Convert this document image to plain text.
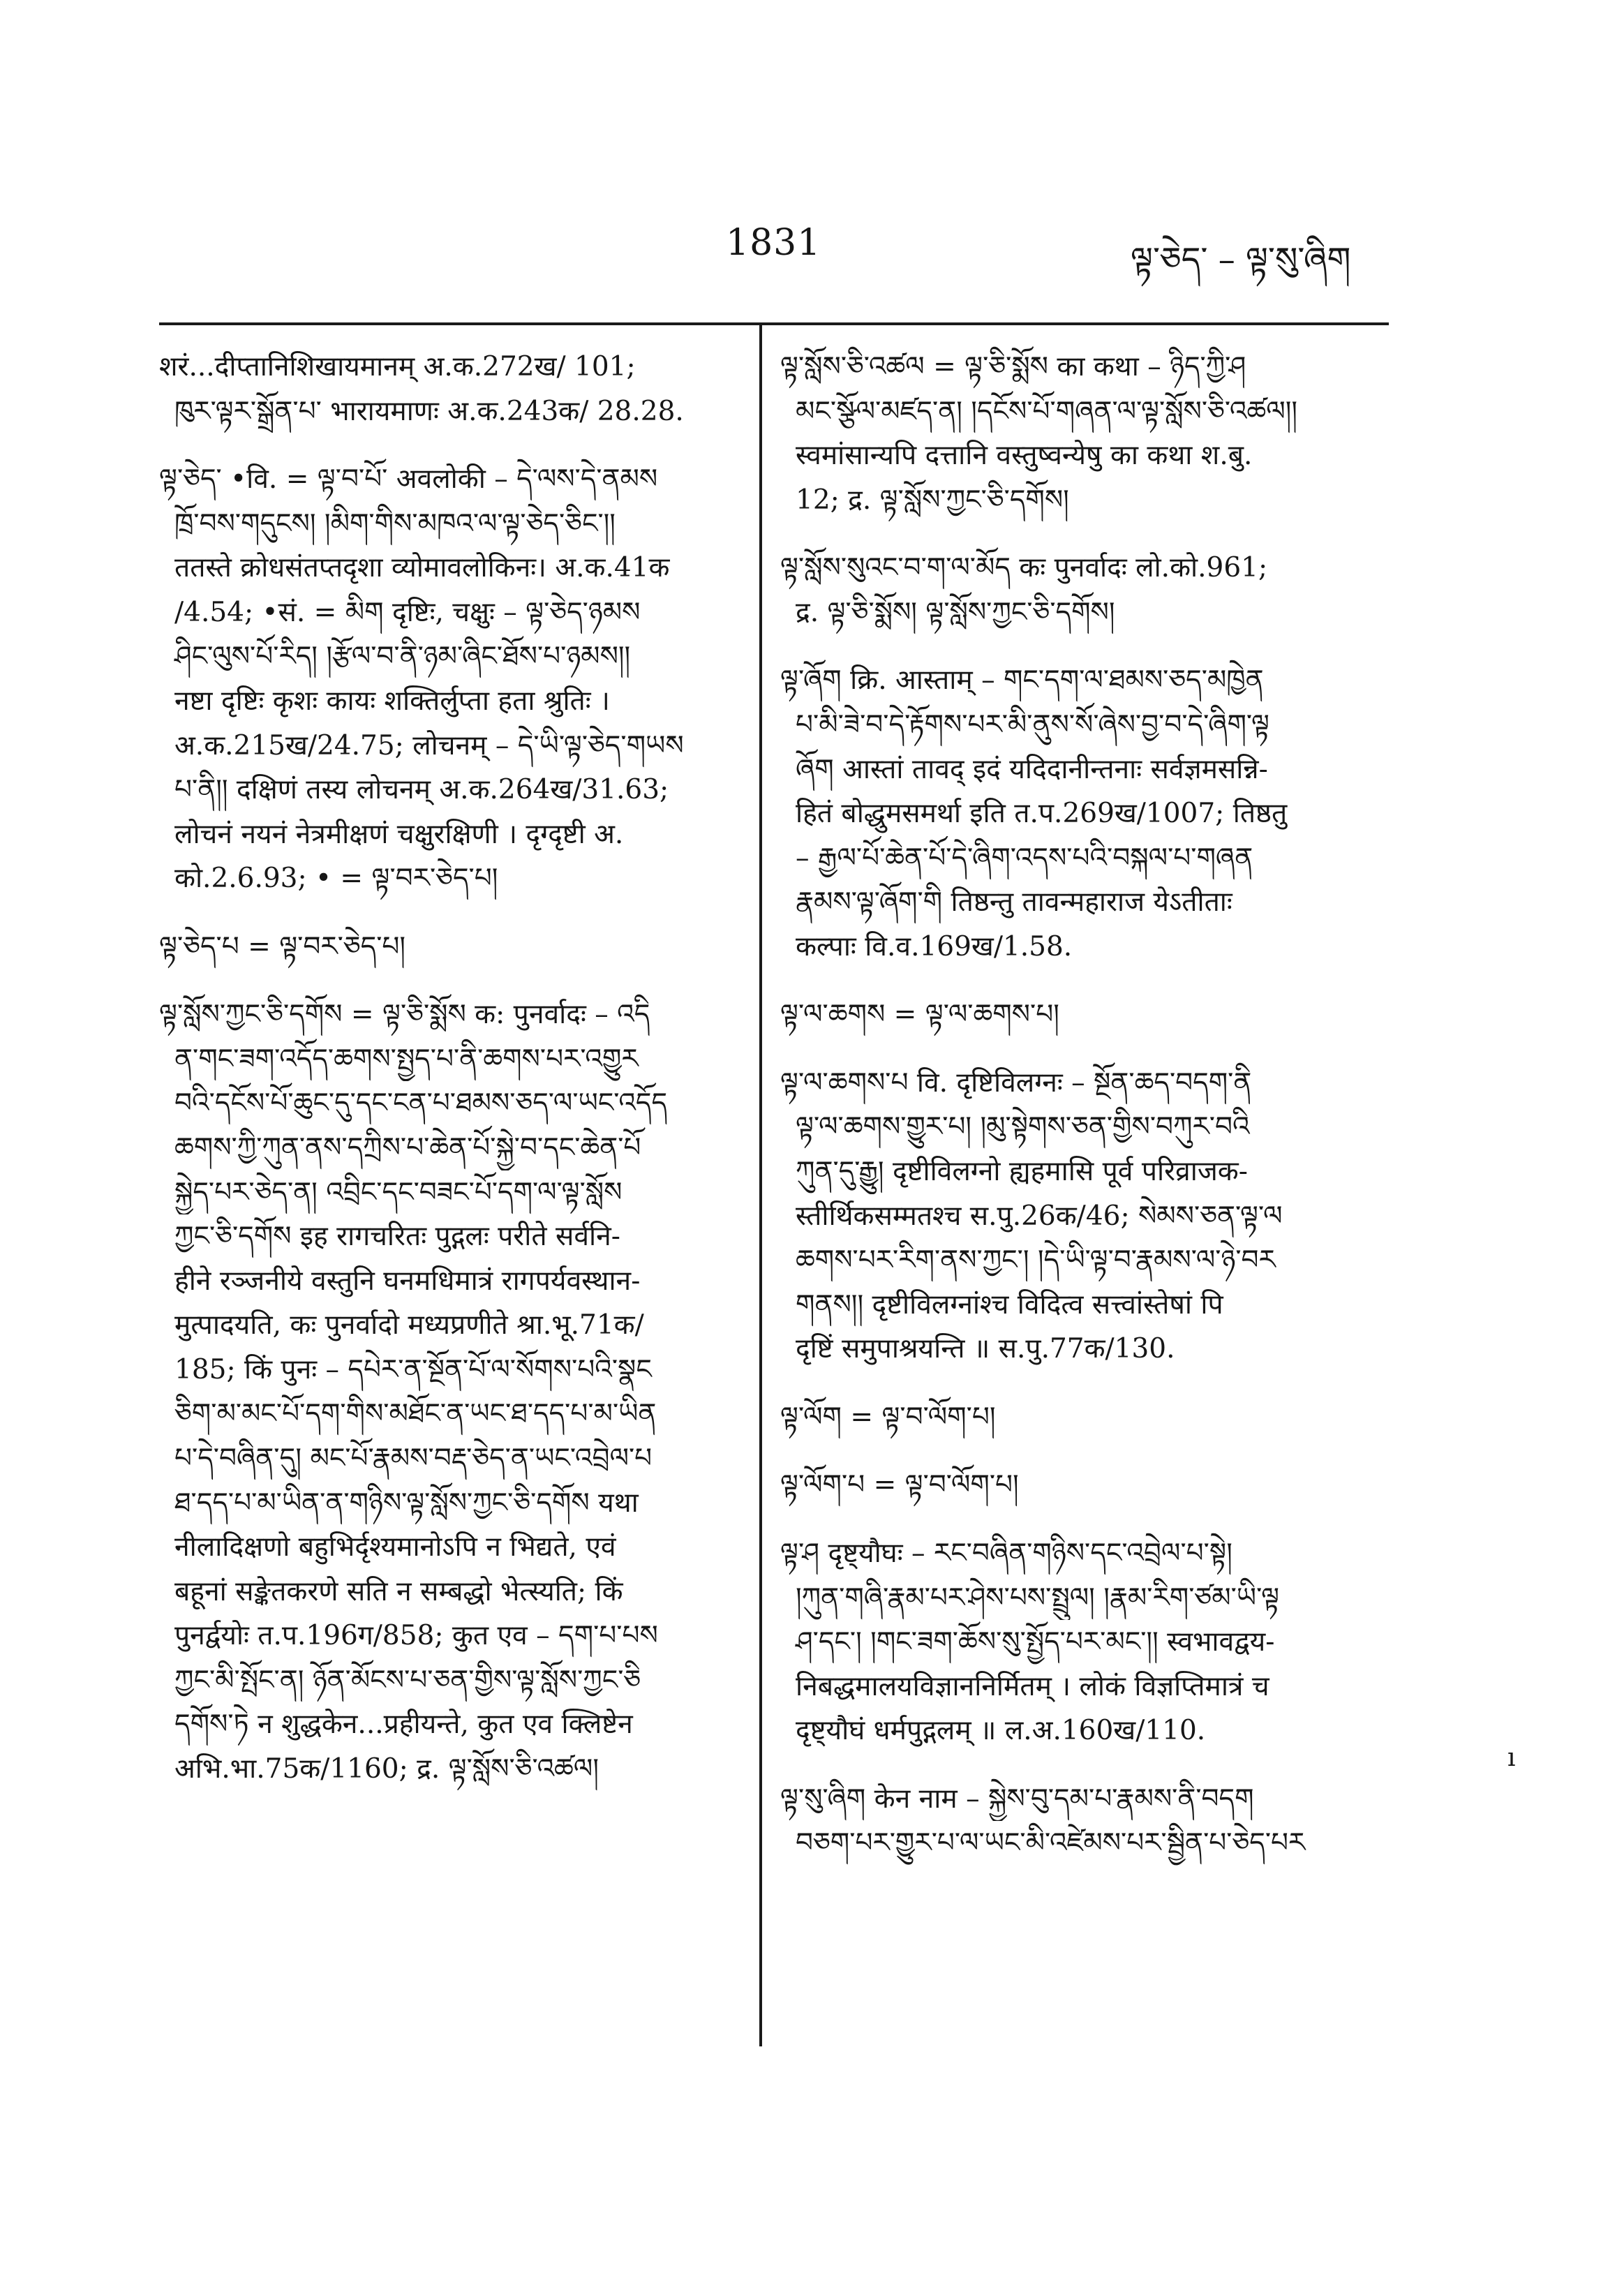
1831	ལྟ་ཅེད་ – ལྟ་སུ་ཞིག
शरं...दीप्तानिशिखायमानम् अ.क.272ख/ 101;
ཁུར་ལྟར་སྒྲོན་པ་ भारायमाणः अ.क.243क/ 28.28.
ལྟ་ཅེད་ •वि. = ལྟ་བ་པོ་ अवलोकी – དེ་ལས་དེ་ནམས
ཁྲོ་བས་གདུངས། །མིག་གིས་མཁའ་ལ་ལྟ་ཅེད་ཅིང་།།
ततस्ते क्रोधसंतप्तदृशा व्योमावलोकिनः। अ.क.41क
/4.54; •सं. = མིག दृष्टिः, चक्षुः – ལྟ་ཅེད་ཉམས
ཤིང་ལུས་པོ་རིད། །རྩོལ་བ་ནི་ཉམ་ཞིང་ཐོས་པ་ཉམས།།
नष्टा दृष्टिः कृशः कायः शक्तिर्लुप्ता हता श्रुतिः ।
अ.क.215ख/24.75; लोचनम् – དེ་ཡི་ལྟ་ཅེད་གཡས
པ་ནི།། दक्षिणं तस्य लोचनम् अ.क.264ख/31.63;
लोचनं नयनं नेत्रमीक्षणं चक्षुरक्षिणी । दृग्दृष्टी अ.
को.2.6.93; • = ལྟ་བར་ཅེད་པ།
ལྟ་ཅེད་པ = ལྟ་བར་ཅེད་པ།
ལྟ་སློས་ཀྱང་ཅི་དགོས = ལྟ་ཅི་སྨོས क: पुनर्वादः – འདི
ན་གང་ཟག་འདོད་ཆགས་སྤྱད་པ་ནི་ཆགས་པར་འགྱུར
བའི་དངོས་པོ་ཆུང་དུ་དང་ངན་པ་ཐམས་ཅད་ལ་ཡང་འདོད
ཆགས་ཀྱི་ཀུན་ནས་དཀྲིས་པ་ཆེན་པོ་སྐྱེ་བ་དང་ཆེན་པོ
སྐྱེད་པར་ཅེད་ན། འབྲིང་དང་བཟང་པོ་དག་ལ་ལྟ་སློས
ཀྱང་ཅི་དགོས इह रागचरितः पुद्गलः परीते सर्वनि-
हीने रञ्जनीये वस्तुनि घनमधिमात्रं रागपर्यवस्थान-
मुत्पादयति, कः पुनर्वादो मध्यप्रणीते श्रा.भू.71क/
185; किं पुनः – དཔེར་ན་སྔོན་པོ་ལ་སོགས་པའི་སྣང
ཅིག་མ་མང་པོ་དག་གིས་མཐོང་ན་ཡང་ཐ་དད་པ་མ་ཡིན
པ་དེ་བཞིན་དུ། མང་པོ་རྣམས་བརྡ་ཅེད་ན་ཡང་འབྲེལ་པ
ཐ་དད་པ་མ་ཡིན་ན་གཉིས་ལྟ་སློས་ཀྱང་ཅི་དགོས यथा
नीलादिक्षणो बहुभिर्दृश्यमानोऽपि न भिद्यते, एवं
बहूनां सङ्केतकरणे सति न सम्बद्धो भेत्स्यति; किं
पुनर्द्वयोः त.प.196ग/858; कुत एव – དག་པ་པས
ཀྱང་མི་སྤོང་ན། ཉོན་མོངས་པ་ཅན་གྱིས་ལྟ་སློས་ཀྱང་ཅི
དགོས་ཏེ न शुद्धकेन...प्रहीयन्ते, कुत एव क्लिष्टेन
अभि.भा.75क/1160; द्र. ལྟ་སློས་ཅི་འཚལ།
ལྟ་སློས་ཅི་འཚལ = ལྟ་ཅི་སྨོས का कथा – ཉིད་ཀྱི་ཤ
མང་སྩོལ་མཛད་ན། །དངོས་པོ་གཞན་ལ་ལྟ་སློས་ཅི་འཚལ།།
स्वमांसान्यपि दत्तानि वस्तुष्वन्येषु का कथा श.बु.
12; द्र. ལྟ་སློས་ཀྱང་ཅི་དགོས།
ལྟ་སློས་སུའང་བ་ག་ལ་མོད कः पुनर्वादः लो.को.961;
द्र. ལྟ་ཅི་སྨོས། ལྟ་སློས་ཀྱང་ཅི་དགོས།
ལྟ་ཞོག क्रि. आस्ताम् – གང་དག་ལ་ཐམས་ཅད་མཁྱེན
པ་མི་ཟེ་བ་དེ་རྟོགས་པར་མི་ནུས་སོ་ཞེས་བྱ་བ་དེ་ཞིག་ལྟ
ཞོག आस्तां तावद् इदं यदिदानीन्तनाः सर्वज्ञमसन्नि-
हितं बोद्धुमसमर्था इति त.प.269ख/1007; तिष्ठतु
– རྒྱལ་པོ་ཆེན་པོ་དེ་ཞིག་འདས་པའི་བསྐལ་པ་གཞན
རྣམས་ལྟ་ཞོག་གི तिष्ठन्तु तावन्महाराज येऽतीताः
कल्पाः वि.व.169ख/1.58.
ལྟ་ལ་ཆགས = ལྟ་ལ་ཆགས་པ།
ལྟ་ལ་ཆགས་པ वि. दृष्टिविलग्नः – སྔོན་ཆད་བདག་ནི
ལྟ་ལ་ཆགས་གྱུར་པ། །མུ་སྟེགས་ཅན་གྱིས་བཀུར་བའི
ཀུན་དུ་རྒྱུ། दृष्टीविलग्नो ह्यहमासि पूर्व परिव्राजक-
स्तीर्थिकसम्मतश्च स.पु.26क/46; སེམས་ཅན་ལྟ་ལ
ཆགས་པར་རིག་ནས་ཀྱང་། །དེ་ཡི་ལྟ་བ་རྣམས་ལ་ཉེ་བར
གནས།། दृष्टीविलग्नांश्च विदित्व सत्त्वांस्तेषां पि
दृष्टिं समुपाश्रयन्ति ॥ स.पु.77क/130.
ལྟ་ལོག = ལྟ་བ་ལོག་པ།
ལྟ་ལོག་པ = ལྟ་བ་ལོག་པ།
ལྟ་ཤ दृष्ट्यौघः – རང་བཞིན་གཉིས་དང་འབྲེལ་པ་སྟེ།
།ཀུན་གཞི་རྣམ་པར་ཤེས་པས་སྤྲུལ། །རྣམ་རིག་ཙམ་ཡི་ལྟ
ཤ་དང་། །གང་ཟག་ཆོས་སུ་སྤྱོད་པར་མང་།། स्वभावद्वय-
निबद्धमालयविज्ञाननिर्मितम् । लोकं विज्ञप्तिमात्रं च
दृष्ट्यौघं धर्मपुद्गलम् ॥ ल.अ.160ख/110.
ལྟ་སུ་ཞིག केन नाम – སྐྱེས་བུ་དམ་པ་རྣམས་ནི་བདག
བཅག་པར་གྱུར་པ་ལ་ཡང་མི་འཛེམས་པར་སྦྱིན་པ་ཅེད་པར
ı
